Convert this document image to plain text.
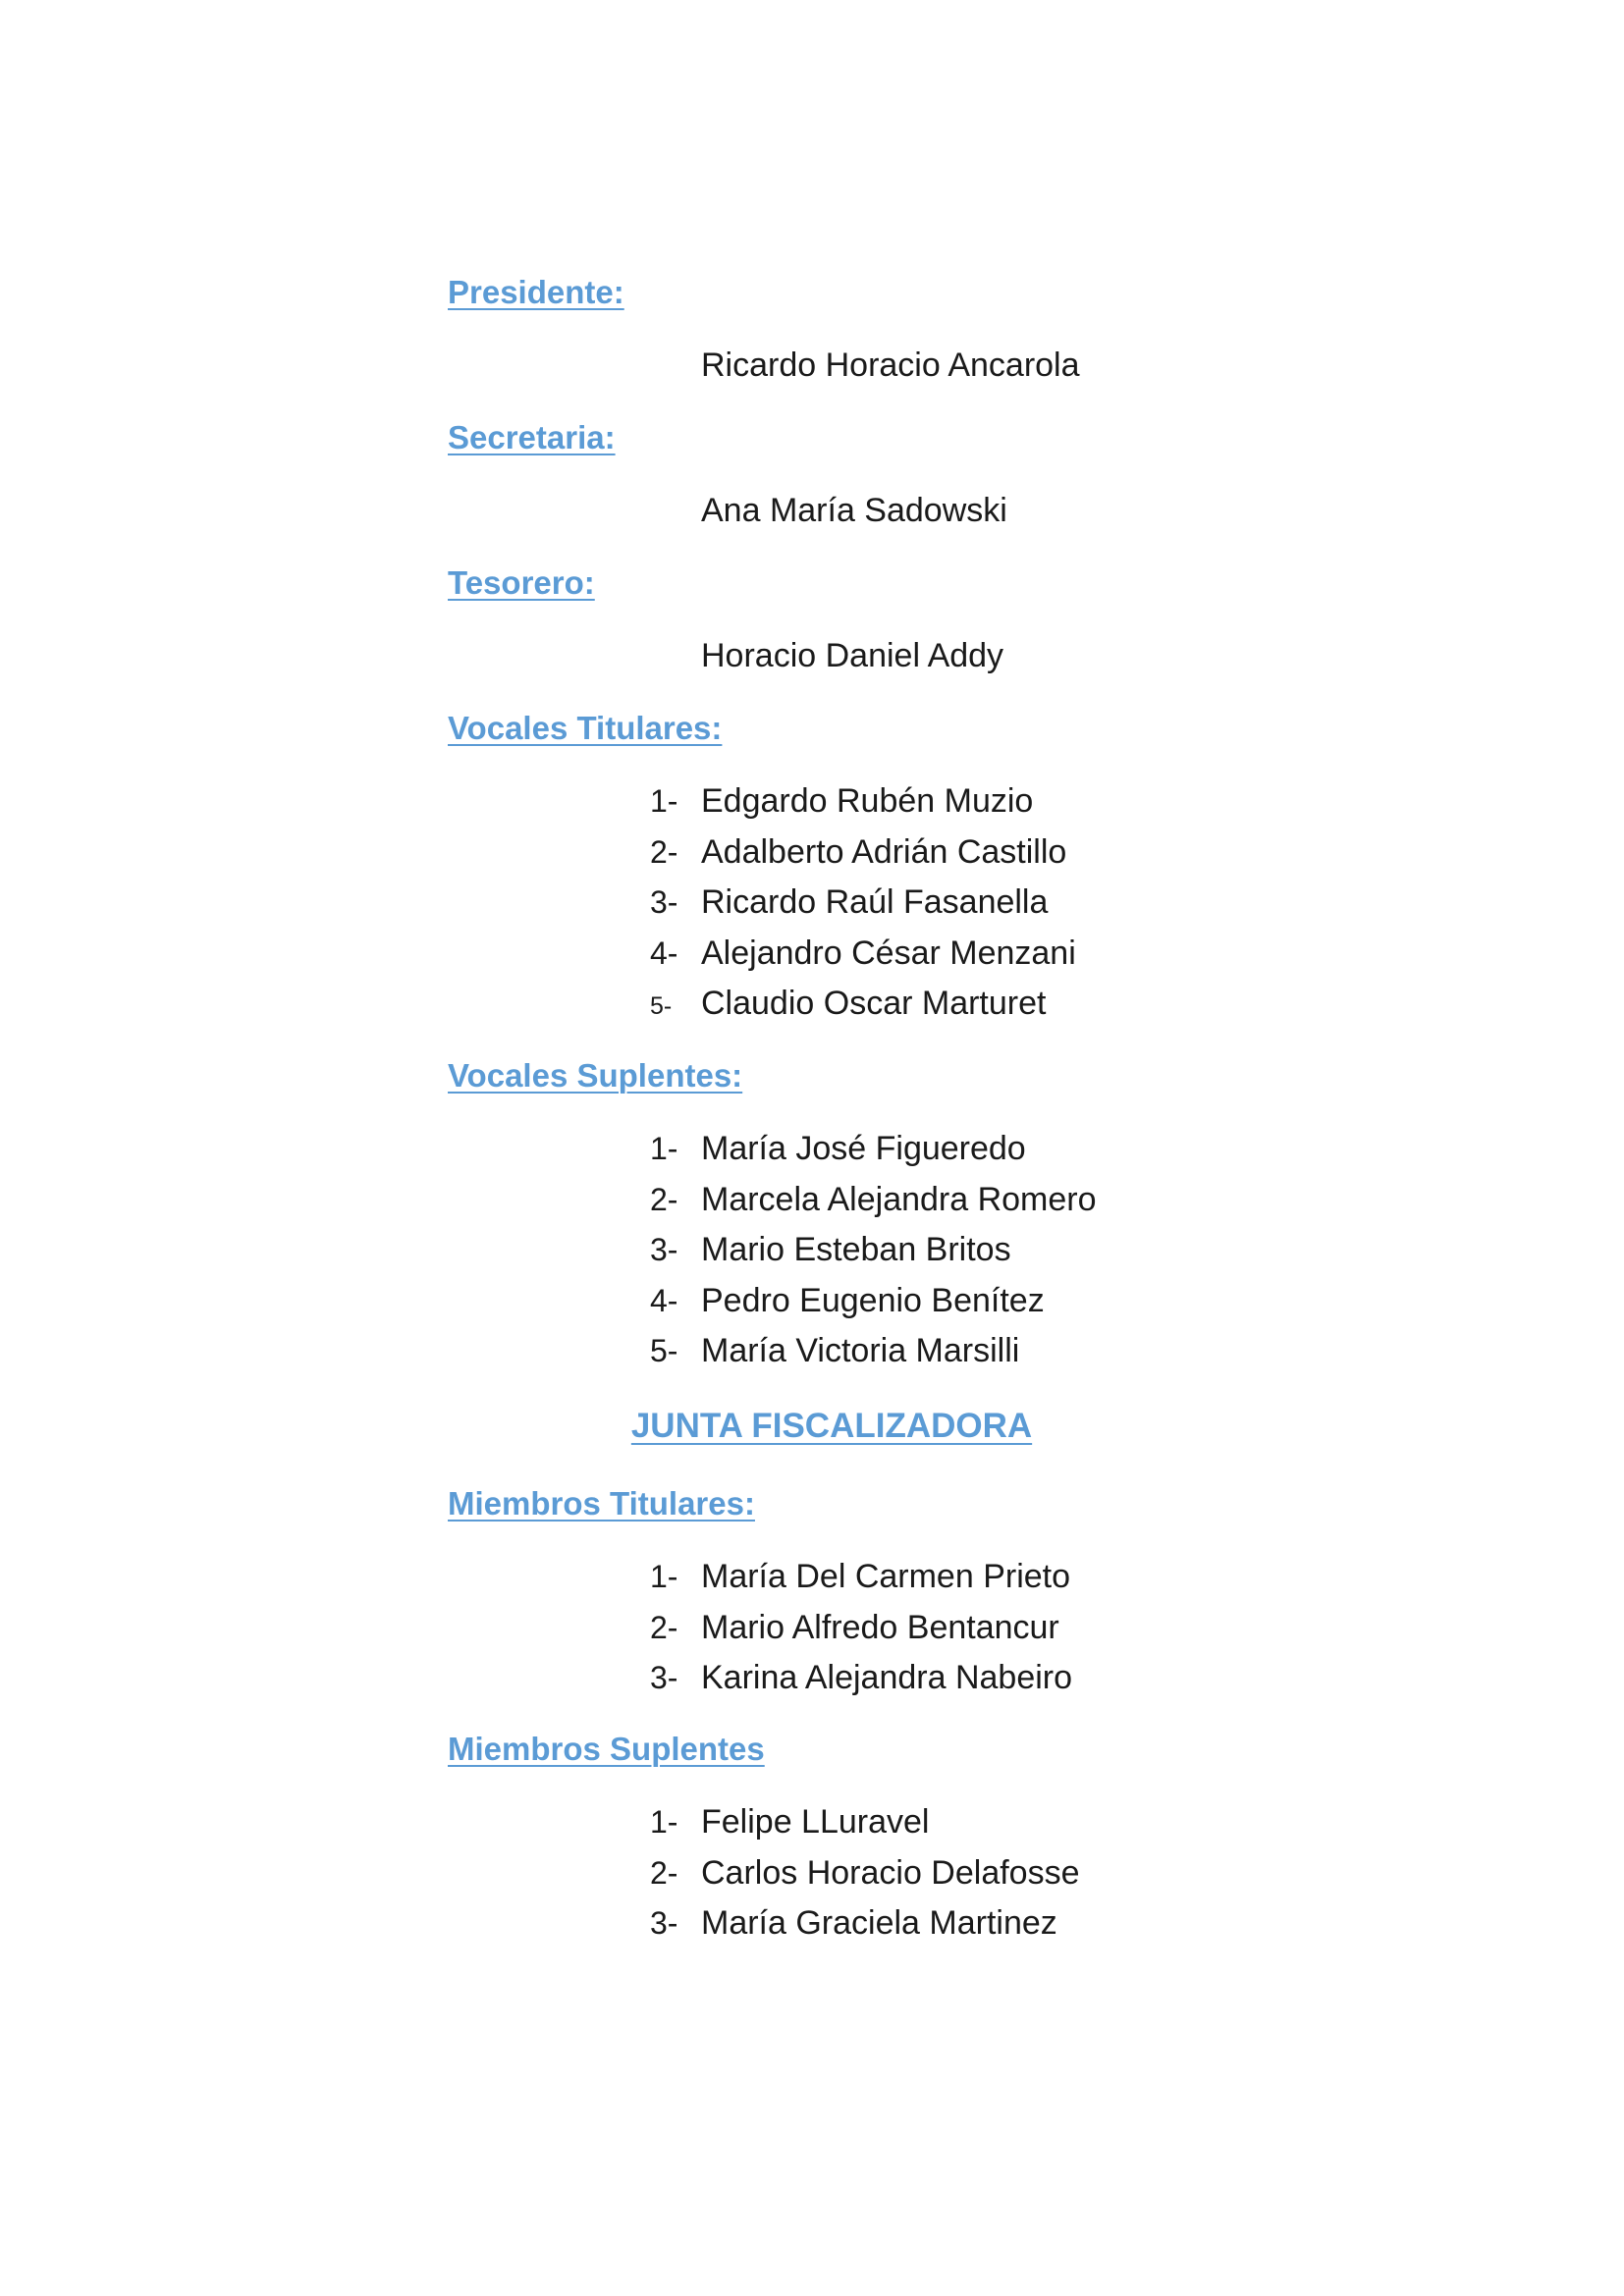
Presidente:
Ricardo Horacio Ancarola
Secretaria:
Ana María Sadowski
Tesorero:
Horacio Daniel Addy
Vocales Titulares:
1- Edgardo Rubén Muzio
2- Adalberto Adrián Castillo
3- Ricardo Raúl Fasanella
4- Alejandro César Menzani
5- Claudio Oscar Marturet
Vocales Suplentes:
1- María José Figueredo
2- Marcela Alejandra Romero
3- Mario Esteban Britos
4- Pedro Eugenio Benítez
5- María Victoria Marsilli
JUNTA FISCALIZADORA
Miembros Titulares:
1- María Del Carmen Prieto
2- Mario Alfredo Bentancur
3- Karina Alejandra Nabeiro
Miembros Suplentes
1- Felipe LLuravel
2- Carlos Horacio Delafosse
3- María Graciela Martinez
